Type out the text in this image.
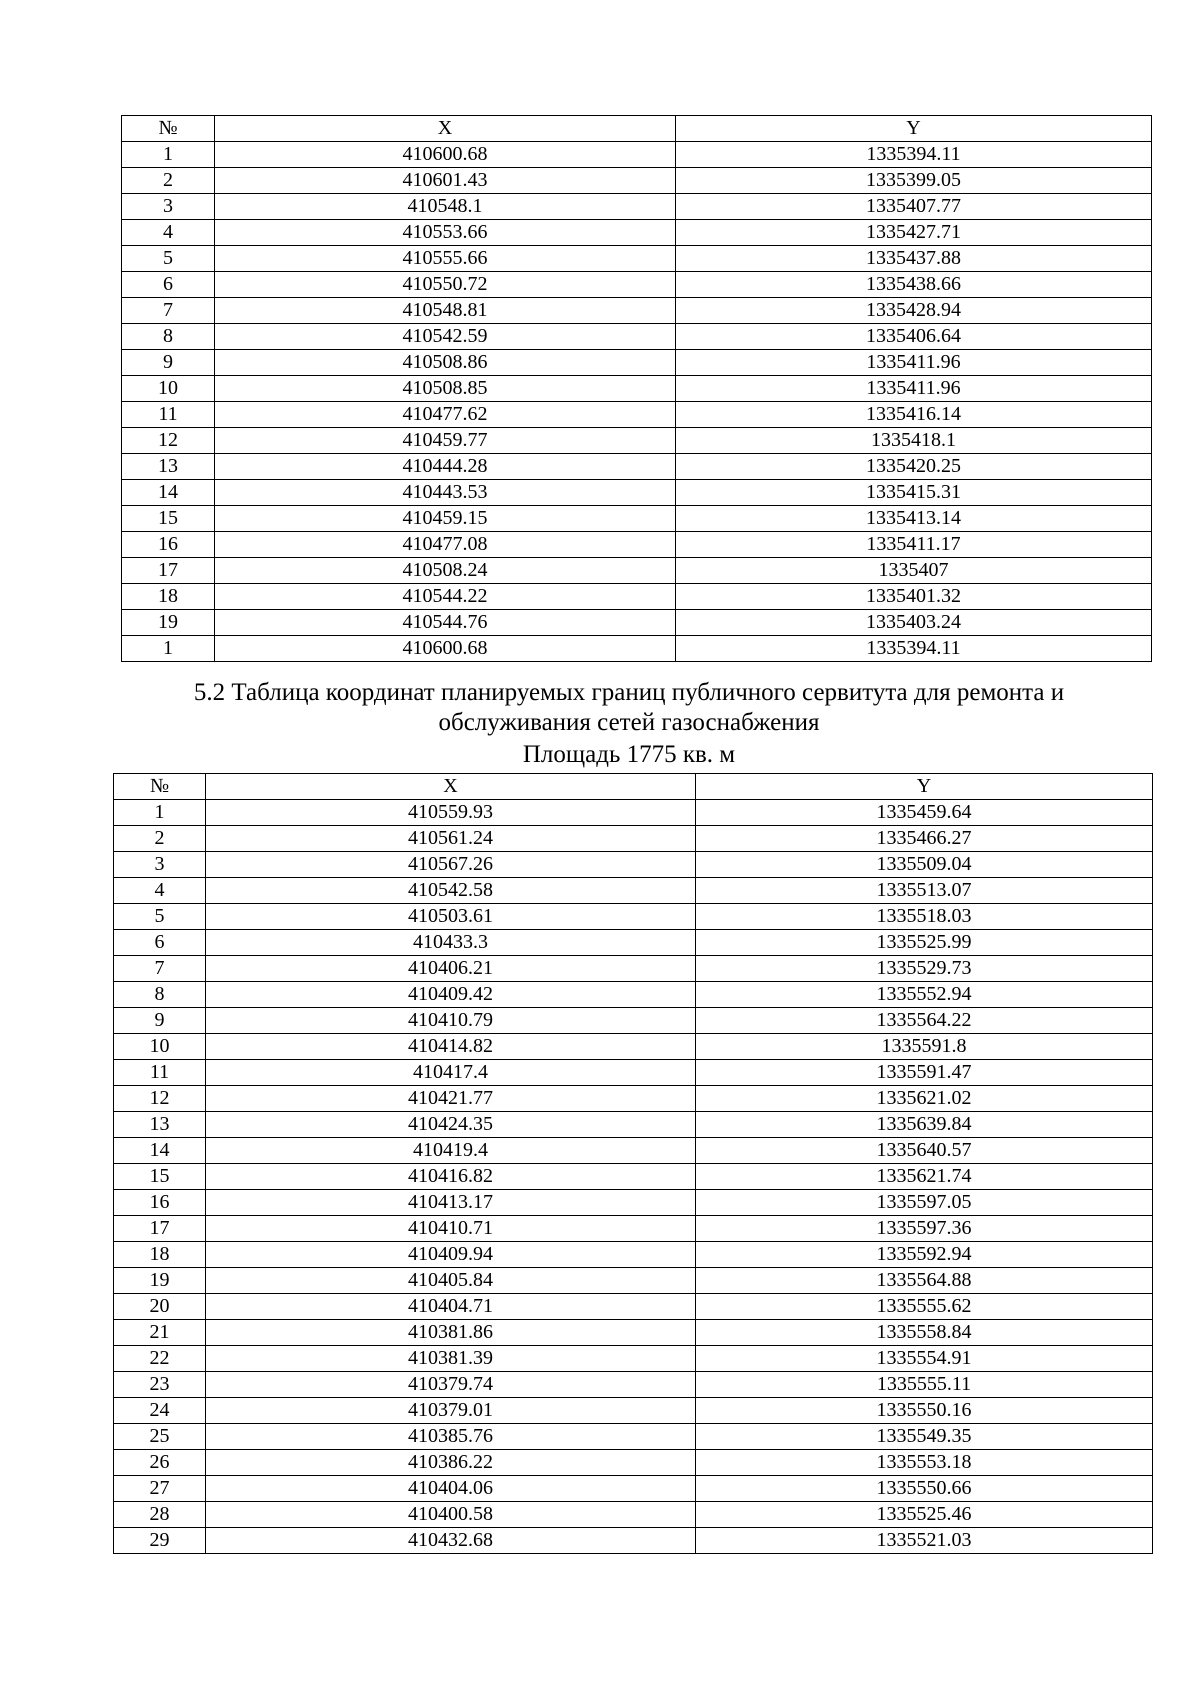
№	X	Y
1	410600.68	1335394.11
2	410601.43	1335399.05
3	410548.1	1335407.77
4	410553.66	1335427.71
5	410555.66	1335437.88
6	410550.72	1335438.66
7	410548.81	1335428.94
8	410542.59	1335406.64
9	410508.86	1335411.96
10	410508.85	1335411.96
11	410477.62	1335416.14
12	410459.77	1335418.1
13	410444.28	1335420.25
14	410443.53	1335415.31
15	410459.15	1335413.14
16	410477.08	1335411.17
17	410508.24	1335407
18	410544.22	1335401.32
19	410544.76	1335403.24
1	410600.68	1335394.11
5.2 Таблица координат планируемых границ публичного сервитута для ремонта и
обслуживания сетей газоснабжения
Площадь 1775 кв. м
№	X	Y
1	410559.93	1335459.64
2	410561.24	1335466.27
3	410567.26	1335509.04
4	410542.58	1335513.07
5	410503.61	1335518.03
6	410433.3	1335525.99
7	410406.21	1335529.73
8	410409.42	1335552.94
9	410410.79	1335564.22
10	410414.82	1335591.8
11	410417.4	1335591.47
12	410421.77	1335621.02
13	410424.35	1335639.84
14	410419.4	1335640.57
15	410416.82	1335621.74
16	410413.17	1335597.05
17	410410.71	1335597.36
18	410409.94	1335592.94
19	410405.84	1335564.88
20	410404.71	1335555.62
21	410381.86	1335558.84
22	410381.39	1335554.91
23	410379.74	1335555.11
24	410379.01	1335550.16
25	410385.76	1335549.35
26	410386.22	1335553.18
27	410404.06	1335550.66
28	410400.58	1335525.46
29	410432.68	1335521.03
